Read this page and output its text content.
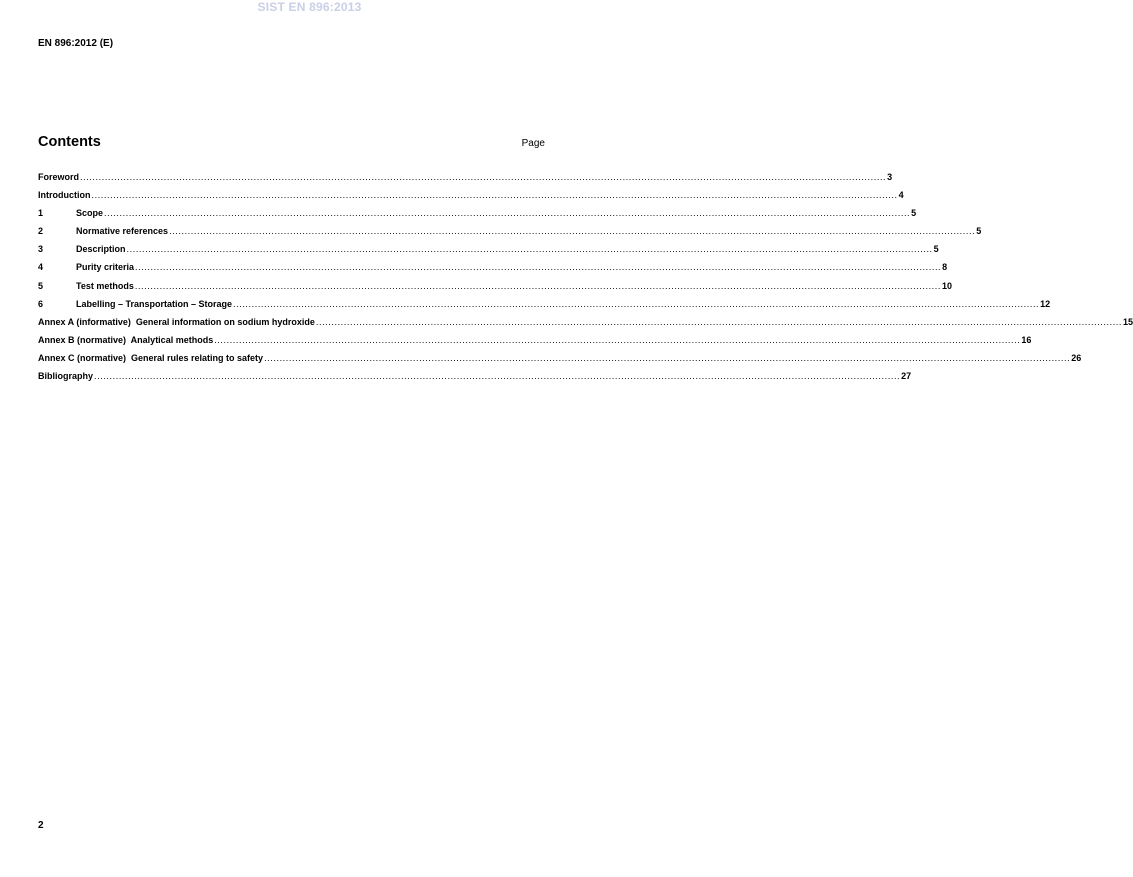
SIST EN 896:2013
EN 896:2012 (E)
Contents	Page
Foreword .................................................................................................................................................................................................................................................................... 3
Introduction .................................................................................................................................................................................................................................................................... 4
1	Scope .................................................................................................................................................................................................................................................................... 5
2	Normative references .................................................................................................................................................................................................................................................................... 5
3	Description .................................................................................................................................................................................................................................................................... 5
4	Purity criteria .................................................................................................................................................................................................................................................................... 8
5	Test methods .................................................................................................................................................................................................................................................................... 10
6	Labelling – Transportation – Storage .................................................................................................................................................................................................................................................................... 12
Annex A (informative)  General information on sodium hydroxide .................................................................................................................................................................................................................................................................... 15
Annex B (normative)  Analytical methods .................................................................................................................................................................................................................................................................... 16
Annex C (normative)  General rules relating to safety .................................................................................................................................................................................................................................................................... 26
Bibliography .................................................................................................................................................................................................................................................................... 27
2
